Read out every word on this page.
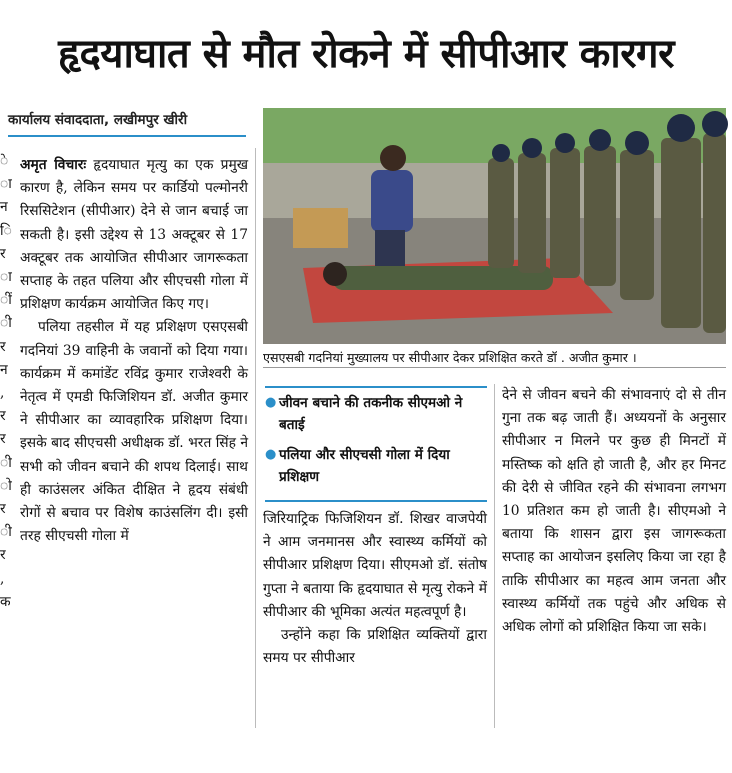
हृदयाघात से मौत रोकने में सीपीआर कारगर
कार्यालय संवाददाता, लखीमपुर खीरी
े
ा
न
ि
र
ा
ीं
ी
र
न
,
र
र
ी
ो
र
ी
र
,
क

अमृत विचारः हृदयाघात मृत्यु का एक प्रमुख कारण है, लेकिन समय पर कार्डियो पल्मोनरी रिससिटेशन (सीपीआर) देने से जान बचाई जा सकती है। इसी उद्देश्य से 13 अक्टूबर से 17 अक्टूबर तक आयोजित सीपीआर जागरूकता सप्ताह के तहत पलिया और सीएचसी गोला में प्रशिक्षण कार्यक्रम आयोजित किए गए।

पलिया तहसील में यह प्रशिक्षण एसएसबी गदनियां 39 वाहिनी के जवानों को दिया गया। कार्यक्रम में कमांडेंट रविंद्र कुमार राजेश्वरी के नेतृत्व में एमडी फिजिशियन डॉ. अजीत कुमार ने सीपीआर का व्यावहारिक प्रशिक्षण दिया। इसके बाद सीएचसी अधीक्षक डॉ. भरत सिंह ने सभी को जीवन बचाने की शपथ दिलाई। साथ ही काउंसलर अंकित दीक्षित ने हृदय संबंधी रोगों से बचाव पर विशेष काउंसलिंग दी। इसी तरह सीएचसी गोला में

एसएसबी गदनियां मुख्यालय पर सीपीआर देकर प्रशिक्षित करते डॉ . अजीत कुमार ।
● जीवन बचाने की तकनीक सीएमओ ने बताई
● पलिया और सीएचसी गोला में दिया प्रशिक्षण

जिरियाट्रिक फिजिशियन डॉ. शिखर वाजपेयी ने आम जनमानस और स्वास्थ्य कर्मियों को सीपीआर प्रशिक्षण दिया। सीएमओ डॉ. संतोष गुप्ता ने बताया कि हृदयाघात से मृत्यु रोकने में सीपीआर की भूमिका अत्यंत महत्वपूर्ण है।

उन्होंने कहा कि प्रशिक्षित व्यक्तियों द्वारा समय पर सीपीआर

देने से जीवन बचने की संभावनाएं दो से तीन गुना तक बढ़ जाती हैं। अध्ययनों के अनुसार सीपीआर न मिलने पर कुछ ही मिनटों में मस्तिष्क को क्षति हो जाती है, और हर मिनट की देरी से जीवित रहने की संभावना लगभग 10 प्रतिशत कम हो जाती है। सीएमओ ने बताया कि शासन द्वारा इस जागरूकता सप्ताह का आयोजन इसलिए किया जा रहा है ताकि सीपीआर का महत्व आम जनता और स्वास्थ्य कर्मियों तक पहुंचे और अधिक से अधिक लोगों को प्रशिक्षित किया जा सके।
